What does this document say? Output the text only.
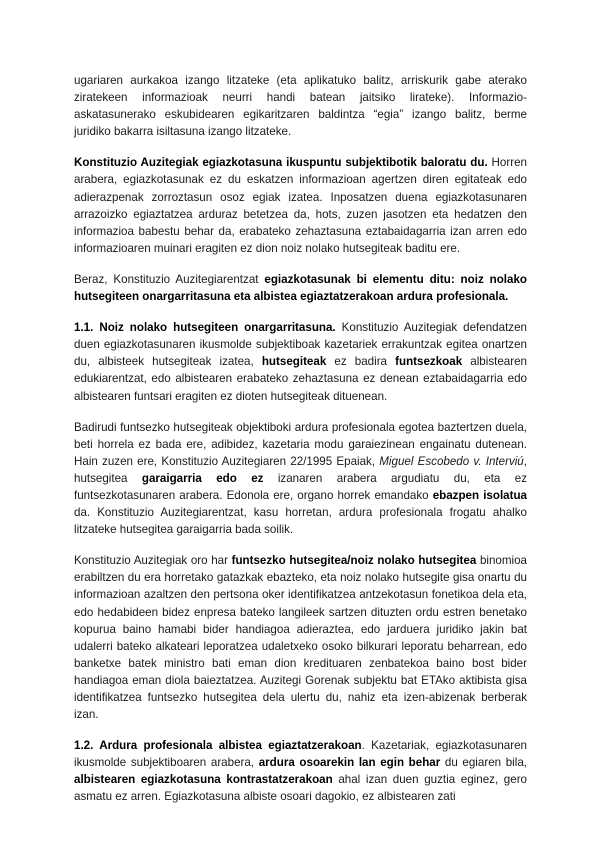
ugariaren aurkakoa izango litzateke (eta aplikatuko balitz, arriskurik gabe aterako ziratekeen informazioak neurri handi batean jaitsiko lirateke). Informazio-askatasunerako eskubidearen egikaritzaren baldintza “egia” izango balitz, berme juridiko bakarra isiltasuna izango litzateke.

Konstituzio Auzitegiak egiazkotasuna ikuspuntu subjektibotik baloratu du. Horren arabera, egiazkotasunak ez du eskatzen informazioan agertzen diren egitateak edo adierazpenak zorroztasun osoz egiak izatea. Inposatzen duena egiazkotasunaren arrazoizko egiaztatzea arduraz betetzea da, hots, zuzen jasotzen eta hedatzen den informazioa babestu behar da, erabateko zehaztasuna eztabaidagarria izan arren edo informazioaren muinari eragiten ez dion noiz nolako hutsegiteak baditu ere.

Beraz, Konstituzio Auzitegiarentzat egiazkotasunak bi elementu ditu: noiz nolako hutsegiteen onargarritasuna eta albistea egiaztatzerakoan ardura profesionala.

1.1. Noiz nolako hutsegiteen onargarritasuna. Konstituzio Auzitegiak defendatzen duen egiazkotasunaren ikusmolde subjektiboak kazetariek errakuntzak egitea onartzen du, albisteek hutsegiteak izatea, hutsegiteak ez badira funtsezkoak albistearen edukiarentzat, edo albistearen erabateko zehaztasuna ez denean eztabaidagarria edo albistearen funtsari eragiten ez dioten hutsegiteak dituenean.

Badirudi funtsezko hutsegiteak objektiboki ardura profesionala egotea baztertzen duela, beti horrela ez bada ere, adibidez, kazetaria modu garaiezinean engainatu dutenean. Hain zuzen ere, Konstituzio Auzitegiaren 22/1995 Epaiak, Miguel Escobedo v. Interviú, hutsegitea garaigarria edo ez izanaren arabera argudiatu du, eta ez funtsezkotasunaren arabera. Edonola ere, organo horrek emandako ebazpen isolatua da. Konstituzio Auzitegiarentzat, kasu horretan, ardura profesionala frogatu ahalko litzateke hutsegitea garaigarria bada soilik.

Konstituzio Auzitegiak oro har funtsezko hutsegitea/noiz nolako hutsegitea binomioa erabiltzen du era horretako gatazkak ebazteko, eta noiz nolako hutsegite gisa onartu du informazioan azaltzen den pertsona oker identifikatzea antzekotasun fonetikoa dela eta, edo hedabideen bidez enpresa bateko langileek sartzen dituzten ordu estren benetako kopurua baino hamabi bider handiagoa adieraztea, edo jarduera juridiko jakin bat udalerri bateko alkateari leporatzea udaletxeko osoko bilkurari leporatu beharrean, edo banketxe batek ministro bati eman dion kredituaren zenbatekoa baino bost bider handiagoa eman diola baieztatzea. Auzitegi Gorenak subjektu bat ETAko aktibista gisa identifikatzea funtsezko hutsegitea dela ulertu du, nahiz eta izen-abizenak berberak izan.

1.2. Ardura profesionala albistea egiaztatzerakoan. Kazetariak, egiazkotasunaren ikusmolde subjektiboaren arabera, ardura osoarekin lan egin behar du egiaren bila, albistearen egiazkotasuna kontrastatzerakoan ahal izan duen guztia eginez, gero asmatu ez arren. Egiazkotasuna albiste osoari dagokio, ez albistearen zati
